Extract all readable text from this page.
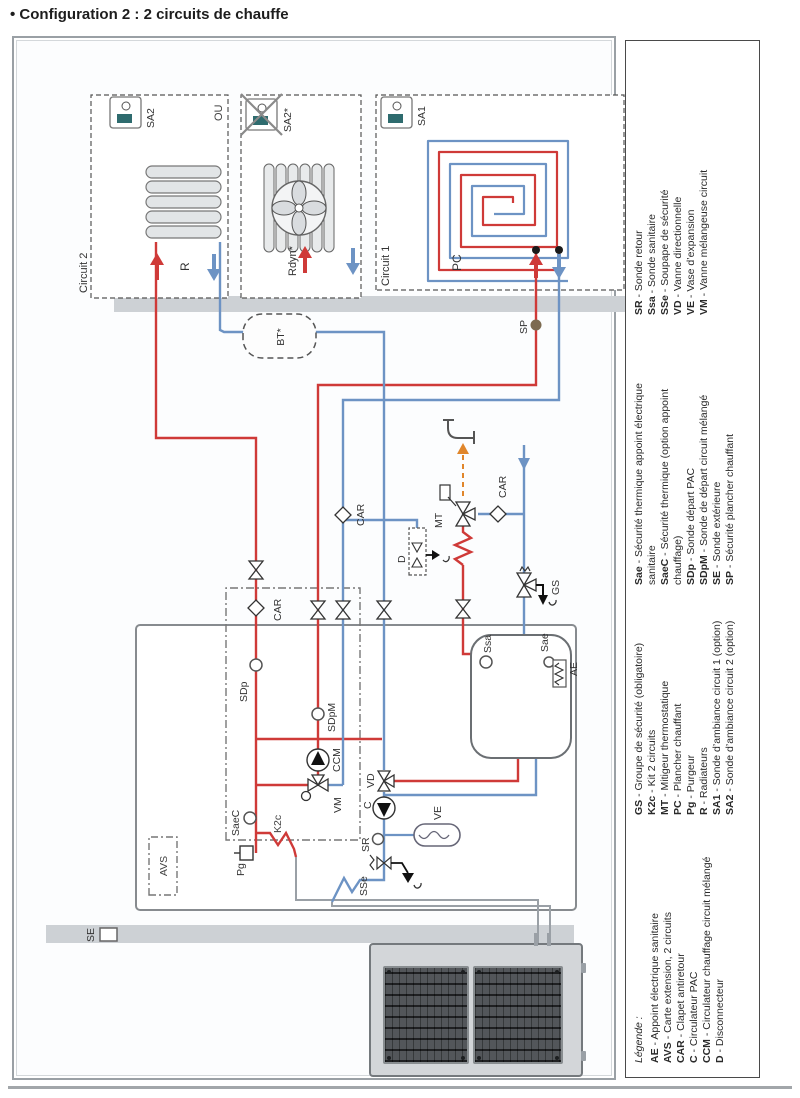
• Configuration 2 : 2 circuits de chauffe
AVS
K2c
Circuit 2	Circuit 1
OU
R	Rdyn*	PC
SA2	SA2*	SA1
BT*
SP
CAR
CAR
CAR
CCM
C
VM
VD
MT
GS
SSe
Pg
VE
D
Ssa	Sae
AE
SDp
SDpM
SaeC
SR
SE
Légende : AE - Appoint électrique sanitaire
AVS - Carte extension, 2 circuits
CAR - Clapet antiretour
C - Circulateur PAC CCM - Circulateur chauffage circuit mélangé
D - Disconnecteur
GS - Groupe de sécurité (obligatoire)
K2c - Kit 2 circuits
MT - Mitigeur thermostatique
PC - Plancher chauffant
Pg - Purgeur
R - Radiateurs SA1 - Sonde d’ambiance circuit 1 (option)
SA2 - Sonde d’ambiance circuit 2 (option)
Sae - Sécurité thermique appoint électrique sanitaire SaeC - Sécurité thermique (option appoint chauffage) SDp - Sonde départ PAC
SDpM - Sonde de départ circuit mélangé
SE - Sonde extérieure
SP - Sécurité plancher chauffant
SR - Sonde retour
Ssa - Sonde sanitaire
SSe - Soupape de sécurité
VD - Vanne directionnelle
VE - Vase d’expansion
VM - Vanne mélangeuse circuit
